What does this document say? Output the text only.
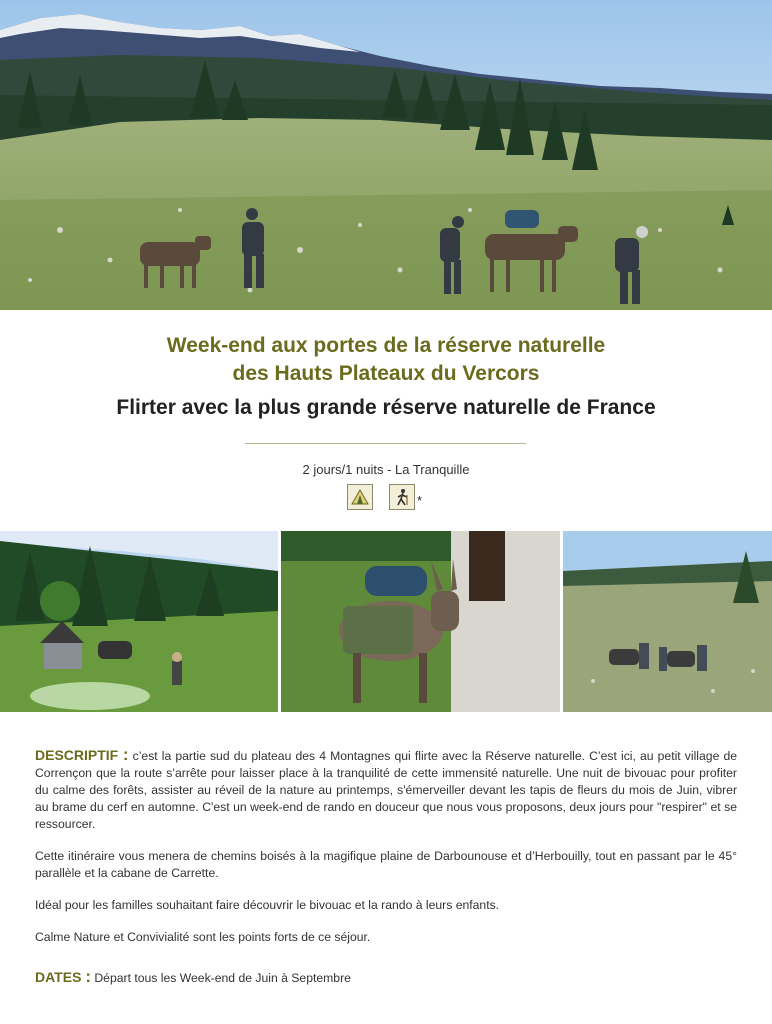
Week-end aux portes de la réserve naturelle
des Hauts Plateaux du Vercors
Flirter avec la plus grande réserve naturelle de France
2 jours/1 nuits - La Tranquille
*

DESCRIPTIF : c’est la partie sud du plateau des 4 Montagnes qui flirte avec la Réserve naturelle. C’est ici, au petit village de Corrençon que la route s’arrête pour laisser place à la tranquilité de cette immensité naturelle. Une nuit de bivouac pour profiter du calme des forêts, assister au réveil de la nature au printemps, s'émerveiller devant les tapis de fleurs du mois de Juin, vibrer au brame du cerf en automne. C'est un week-end de rando en douceur que nous vous proposons, deux jours pour "respirer" et se ressourcer.

Cette itinéraire vous menera de chemins boisés à la magifique plaine de Darbounouse et d’Herbouilly, tout en passant par le 45° parallèle et la cabane de Carrette.

Idéal pour les familles souhaitant faire découvrir le bivouac et la rando à leurs enfants.

Calme Nature et Convivialité sont les points forts de ce séjour.

DATES : Départ tous les Week-end de Juin à Septembre
